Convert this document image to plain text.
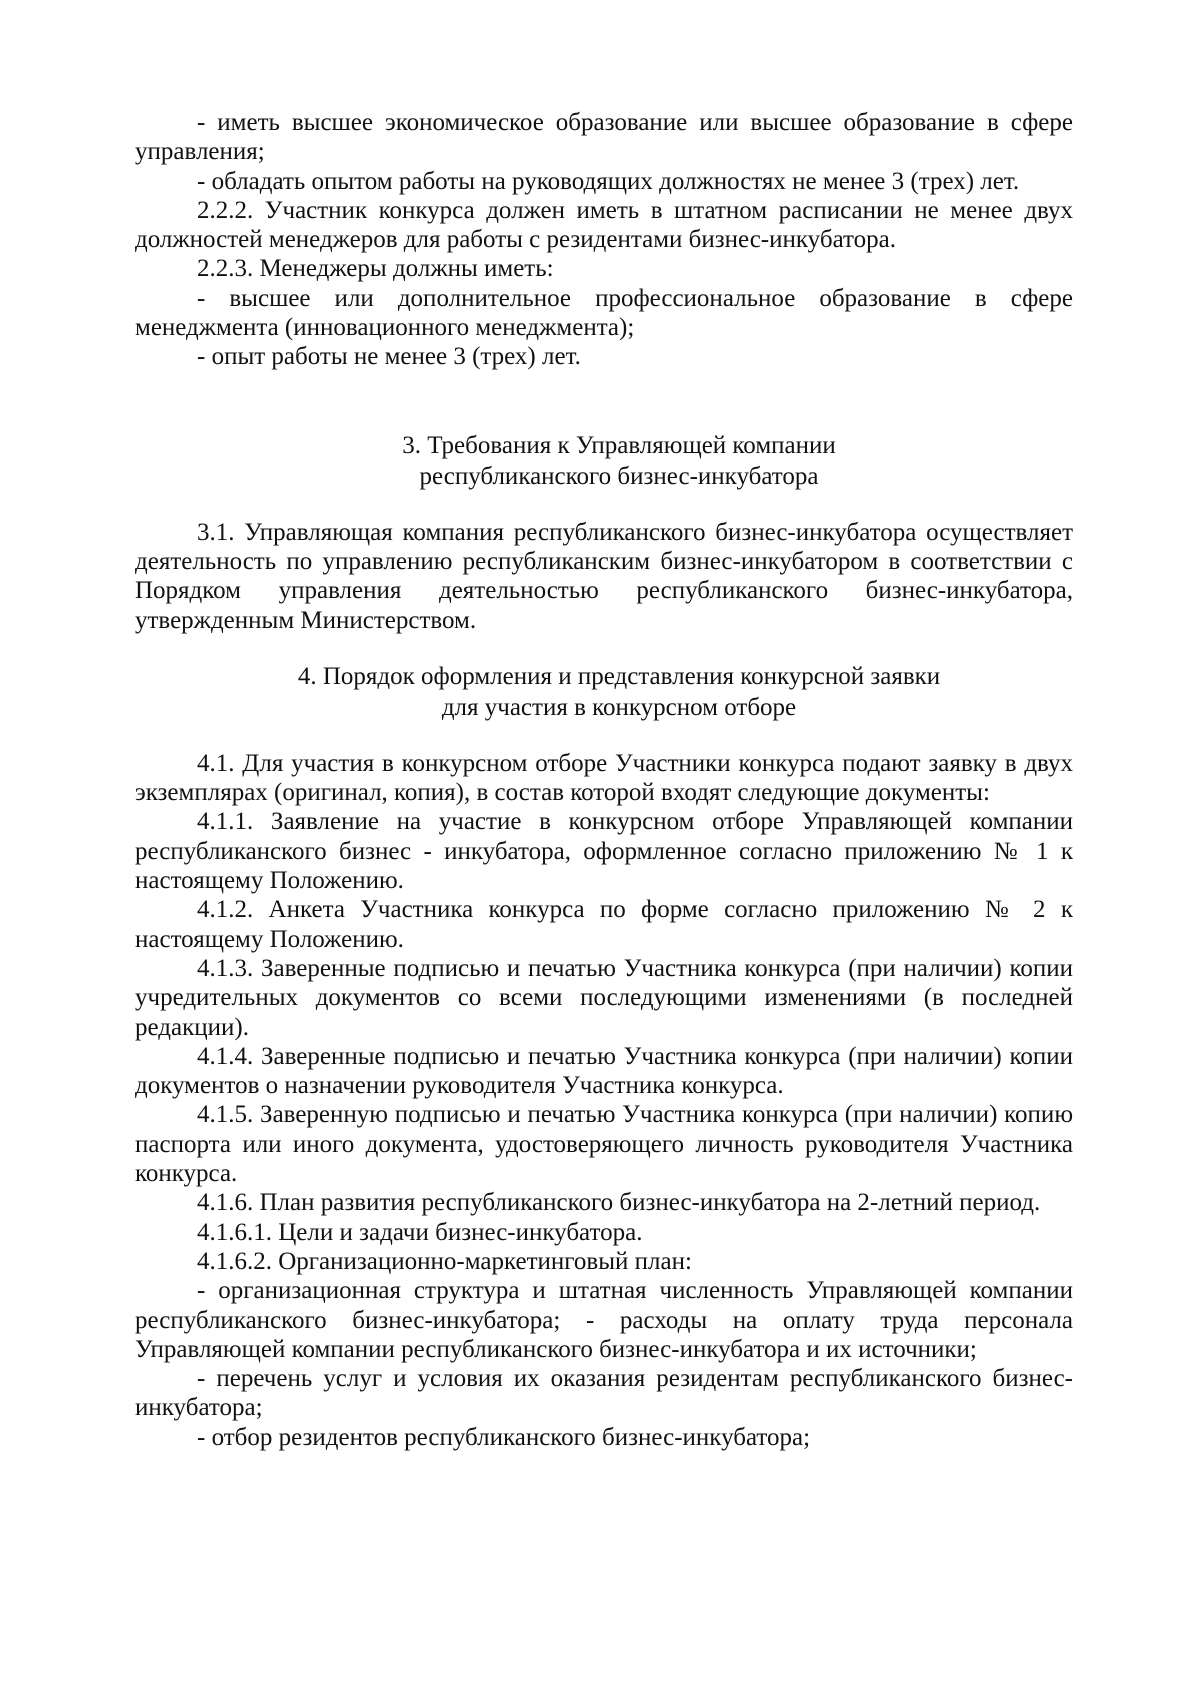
- иметь высшее экономическое образование или высшее образование в сфере управления;

- обладать опытом работы на руководящих должностях не менее 3 (трех) лет.

2.2.2. Участник конкурса должен иметь в штатном расписании не менее двух должностей менеджеров для работы с резидентами бизнес-инкубатора.

2.2.3. Менеджеры должны иметь:

- высшее или дополнительное профессиональное образование в сфере менеджмента (инновационного менеджмента);

- опыт работы не менее 3 (трех) лет.

3. Требования к Управляющей компании

республиканского бизнес-инкубатора

3.1. Управляющая компания республиканского бизнес-инкубатора осуществляет деятельность по управлению республиканским бизнес-инкубатором в соответствии с Порядком управления деятельностью республиканского бизнес-инкубатора, утвержденным Министерством.

4. Порядок оформления и представления конкурсной заявки

для участия в конкурсном отборе

4.1. Для участия в конкурсном отборе Участники конкурса подают заявку в двух экземплярах (оригинал, копия), в состав которой входят следующие документы:

4.1.1. Заявление на участие в конкурсном отборе Управляющей компании республиканского бизнес - инкубатора, оформленное согласно приложению № 1 к настоящему Положению.

4.1.2. Анкета Участника конкурса по форме согласно приложению № 2 к настоящему Положению.

4.1.3. Заверенные подписью и печатью Участника конкурса (при наличии) копии учредительных документов со всеми последующими изменениями (в последней редакции).

4.1.4. Заверенные подписью и печатью Участника конкурса (при наличии) копии документов о назначении руководителя Участника конкурса.

4.1.5. Заверенную подписью и печатью Участника конкурса (при наличии) копию паспорта или иного документа, удостоверяющего личность руководителя Участника конкурса.

4.1.6. План развития республиканского бизнес-инкубатора на 2-летний период.

4.1.6.1. Цели и задачи бизнес-инкубатора.

4.1.6.2. Организационно-маркетинговый план:

- организационная структура и штатная численность Управляющей компании республиканского бизнес-инкубатора; - расходы на оплату труда персонала Управляющей компании республиканского бизнес-инкубатора и их источники;

- перечень услуг и условия их оказания резидентам республиканского бизнес-инкубатора;

- отбор резидентов республиканского бизнес-инкубатора;
